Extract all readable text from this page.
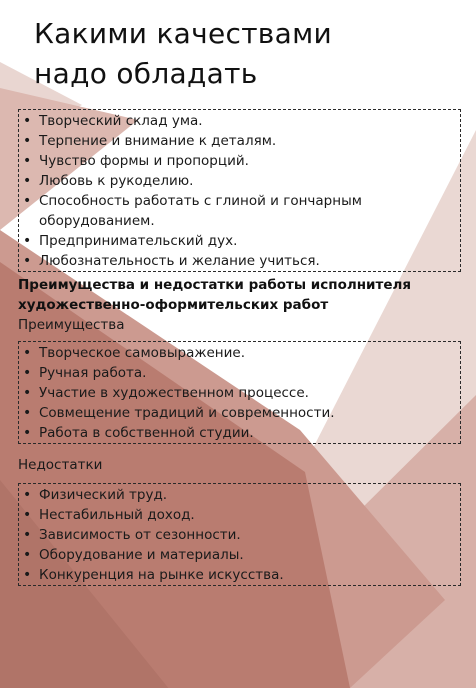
Какими качествами
надо обладать
• Творческий склад ума.
• Терпение и внимание к деталям.
• Чувство формы и пропорций.
• Любовь к рукоделию.
• Способность работать с глиной и гончарным оборудованием.
• Предпринимательский дух.
• Любознательность и желание учиться.
Преимущества и недостатки работы исполнителя художественно-оформительских работ
Преимущества
• Творческое самовыражение.
• Ручная работа.
• Участие в художественном процессе.
• Совмещение традиций и современности.
• Работа в собственной студии.
Недостатки
• Физический труд.
• Нестабильный доход.
• Зависимость от сезонности.
• Оборудование и материалы.
• Конкуренция на рынке искусства.
